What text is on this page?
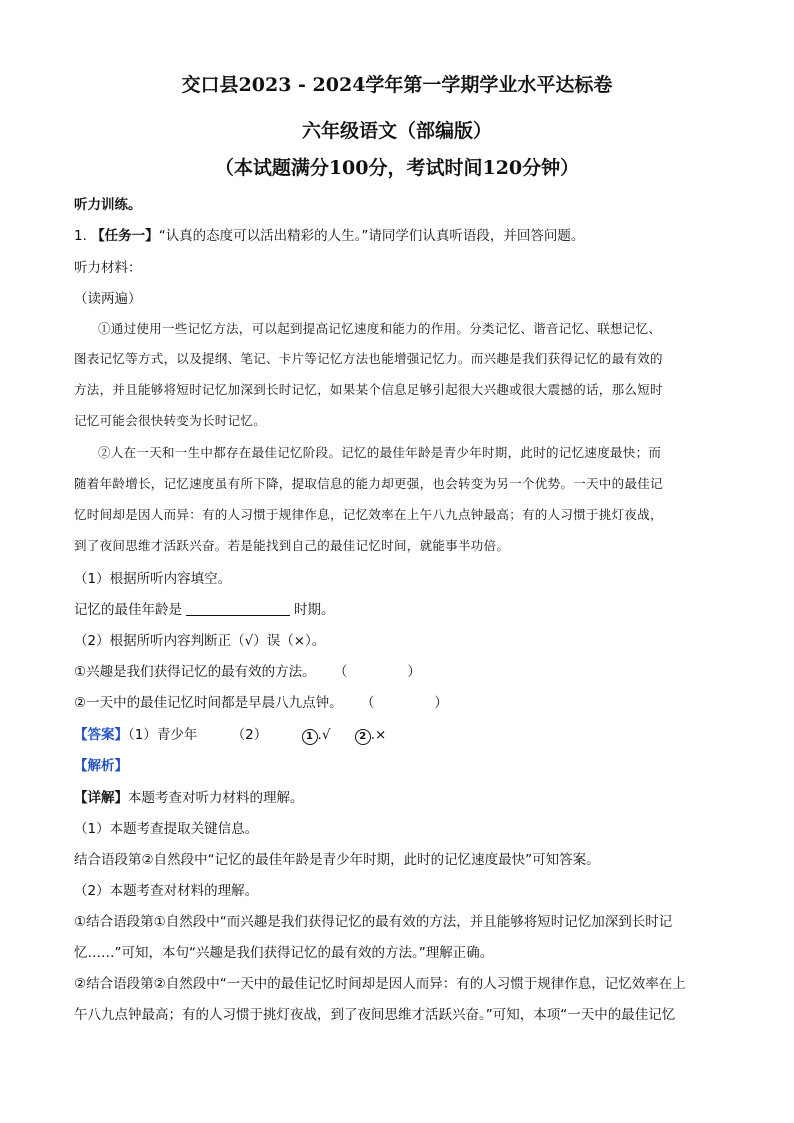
交口县2023 - 2024学年第一学期学业水平达标卷
六年级语文（部编版）
（本试题满分100分，考试时间120分钟）
听力训练。
1. 【任务一】“认真的态度可以活出精彩的人生。”请同学们认真听语段，并回答问题。
听力材料：
（读两遍）
①通过使用一些记忆方法，可以起到提高记忆速度和能力的作用。分类记忆、谐音记忆、联想记忆、
图表记忆等方式，以及提纲、笔记、卡片等记忆方法也能增强记忆力。而兴趣是我们获得记忆的最有效的
方法，并且能够将短时记忆加深到长时记忆，如果某个信息足够引起很大兴趣或很大震撼的话，那么短时
记忆可能会很快转变为长时记忆。
②人在一天和一生中都存在最佳记忆阶段。记忆的最佳年龄是青少年时期，此时的记忆速度最快；而
随着年龄增长，记忆速度虽有所下降，提取信息的能力却更强，也会转变为另一个优势。一天中的最佳记
忆时间却是因人而异：有的人习惯于规律作息，记忆效率在上午八九点钟最高；有的人习惯于挑灯夜战，
到了夜间思维才活跃兴奋。若是能找到自己的最佳记忆时间，就能事半功倍。
（1）根据所听内容填空。
记忆的最佳年龄是	时期。
（2）根据所听内容判断正（√）误（×）。
①兴趣是我们获得记忆的最有效的方法。 （	）
②一天中的最佳记忆时间都是早晨八九点钟。 （	）
【答案】（1）青少年	（2）	1 .√	2 .×
【解析】
【详解】本题考查对听力材料的理解。
（1）本题考查提取关键信息。
结合语段第②自然段中“记忆的最佳年龄是青少年时期，此时的记忆速度最快”可知答案。
（2）本题考查对材料的理解。
①结合语段第①自然段中“而兴趣是我们获得记忆的最有效的方法，并且能够将短时记忆加深到长时记
忆……”可知，本句“兴趣是我们获得记忆的最有效的方法。”理解正确。
②结合语段第②自然段中“一天中的最佳记忆时间却是因人而异：有的人习惯于规律作息，记忆效率在上
午八九点钟最高；有的人习惯于挑灯夜战，到了夜间思维才活跃兴奋。”可知，本项“一天中的最佳记忆
